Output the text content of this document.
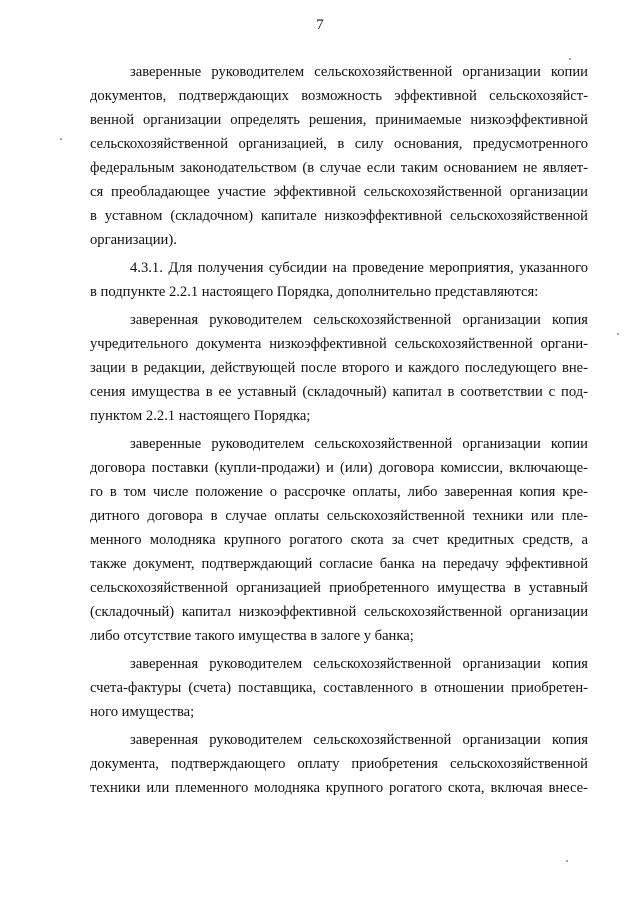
7
заверенные руководителем сельскохозяйственной организации копии
документов, подтверждающих возможность эффективной сельскохозяйст-
венной организации определять решения, принимаемые низкоэффективной
сельскохозяйственной организацией, в силу основания, предусмотренного
федеральным законодательством (в случае если таким основанием не являет-
ся преобладающее участие эффективной сельскохозяйственной организации
в уставном (складочном) капитале низкоэффективной сельскохозяйственной
организации).
4.3.1. Для получения субсидии на проведение мероприятия, указанного
в подпункте 2.2.1 настоящего Порядка, дополнительно представляются:
заверенная руководителем сельскохозяйственной организации копия
учредительного документа низкоэффективной сельскохозяйственной органи-
зации в редакции, действующей после второго и каждого последующего вне-
сения имущества в ее уставный (складочный) капитал в соответствии с под-
пунктом 2.2.1 настоящего Порядка;
заверенные руководителем сельскохозяйственной организации копии
договора поставки (купли-продажи) и (или) договора комиссии, включающе-
го в том числе положение о рассрочке оплаты, либо заверенная копия кре-
дитного договора в случае оплаты сельскохозяйственной техники или пле-
менного молодняка крупного рогатого скота за счет кредитных средств, а
также документ, подтверждающий согласие банка на передачу эффективной
сельскохозяйственной организацией приобретенного имущества в уставный
(складочный) капитал низкоэффективной сельскохозяйственной организации
либо отсутствие такого имущества в залоге у банка;
заверенная руководителем сельскохозяйственной организации копия
счета-фактуры (счета) поставщика, составленного в отношении приобретен-
ного имущества;
заверенная руководителем сельскохозяйственной организации копия
документа, подтверждающего оплату приобретения сельскохозяйственной
техники или племенного молодняка крупного рогатого скота, включая внесе-
